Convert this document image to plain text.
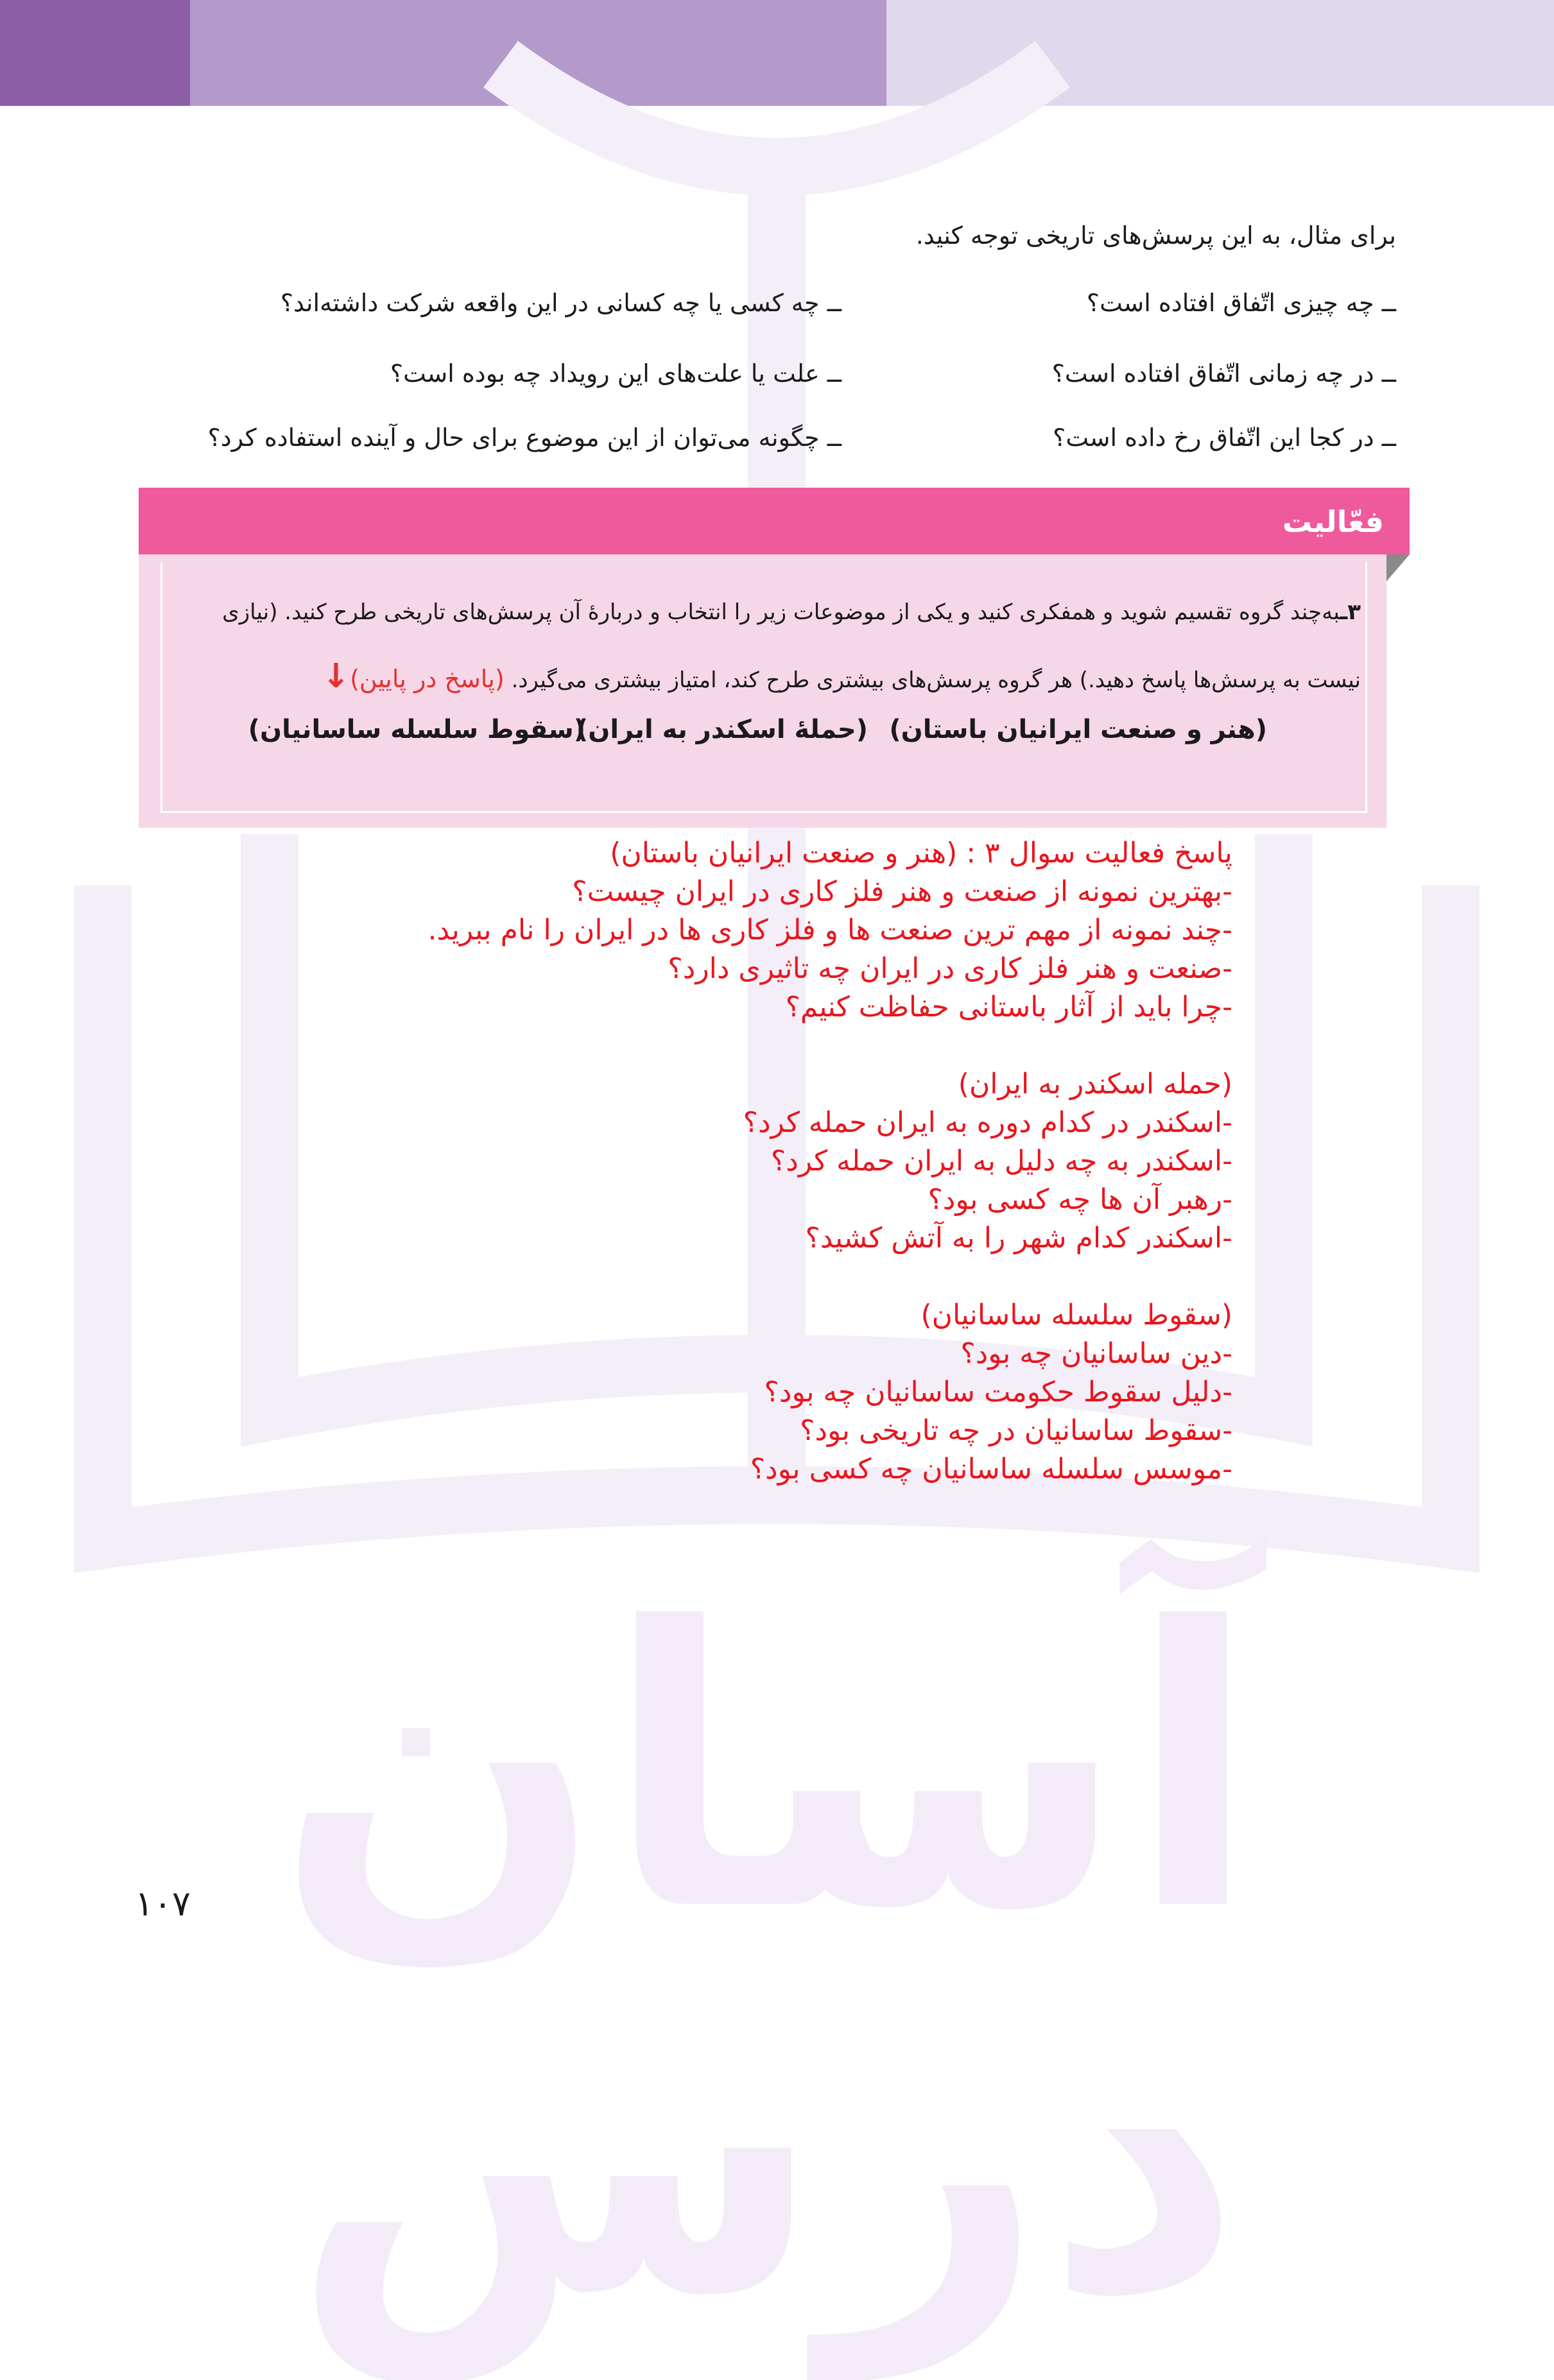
آسان درس
برای مثال، به این پرسش‌های تاریخی توجه کنید.
ــ چه چیزی اتّفاق افتاده است؟
ــ در چه زمانی اتّفاق افتاده است؟
ــ در کجا این اتّفاق رخ داده است؟
ــ چه کسی یا چه کسانی در این واقعه شرکت داشته‌اند؟
ــ علت یا علت‌های این رویداد چه بوده است؟
ــ چگونه می‌توان از این موضوع برای حال و آینده استفاده کرد؟
فعّالیت
۳ـبه‌چند گروه تقسیم شوید و همفکری کنید و یکی از موضوعات زیر را انتخاب و دربارهٔ آن پرسش‌های تاریخی طرح کنید. (نیازی نیست به پرسش‌ها پاسخ دهید.) هر گروه پرسش‌های بیشتری طرح کند، امتیاز بیشتری می‌گیرد. (پاسخ در پایین)↓
(هنر و صنعت ایرانیان باستان)
(حملهٔ اسکندر به ایران)
(سقوط سلسله ساسانیان)
پاسخ فعالیت سوال ۳ : (هنر و صنعت ایرانیان باستان)
-بهترین نمونه از صنعت و هنر فلز کاری در ایران چیست؟
-چند نمونه از مهم ترین صنعت ها و فلز کاری ها در ایران را نام ببرید.
-صنعت و هنر فلز کاری در ایران چه تاثیری دارد؟
-چرا باید از آثار باستانی حفاظت کنیم؟
(حمله اسکندر به ایران)
-اسکندر در کدام دوره به ایران حمله کرد؟
-اسکندر به چه دلیل به ایران حمله کرد؟
-رهبر آن ها چه کسی بود؟
-اسکندر کدام شهر را به آتش کشید؟
(سقوط سلسله ساسانیان)
-دین ساسانیان چه بود؟
-دلیل سقوط حکومت ساسانیان چه بود؟
-سقوط ساسانیان در چه تاریخی بود؟
-موسس سلسله ساسانیان چه کسی بود؟
۱۰۷
